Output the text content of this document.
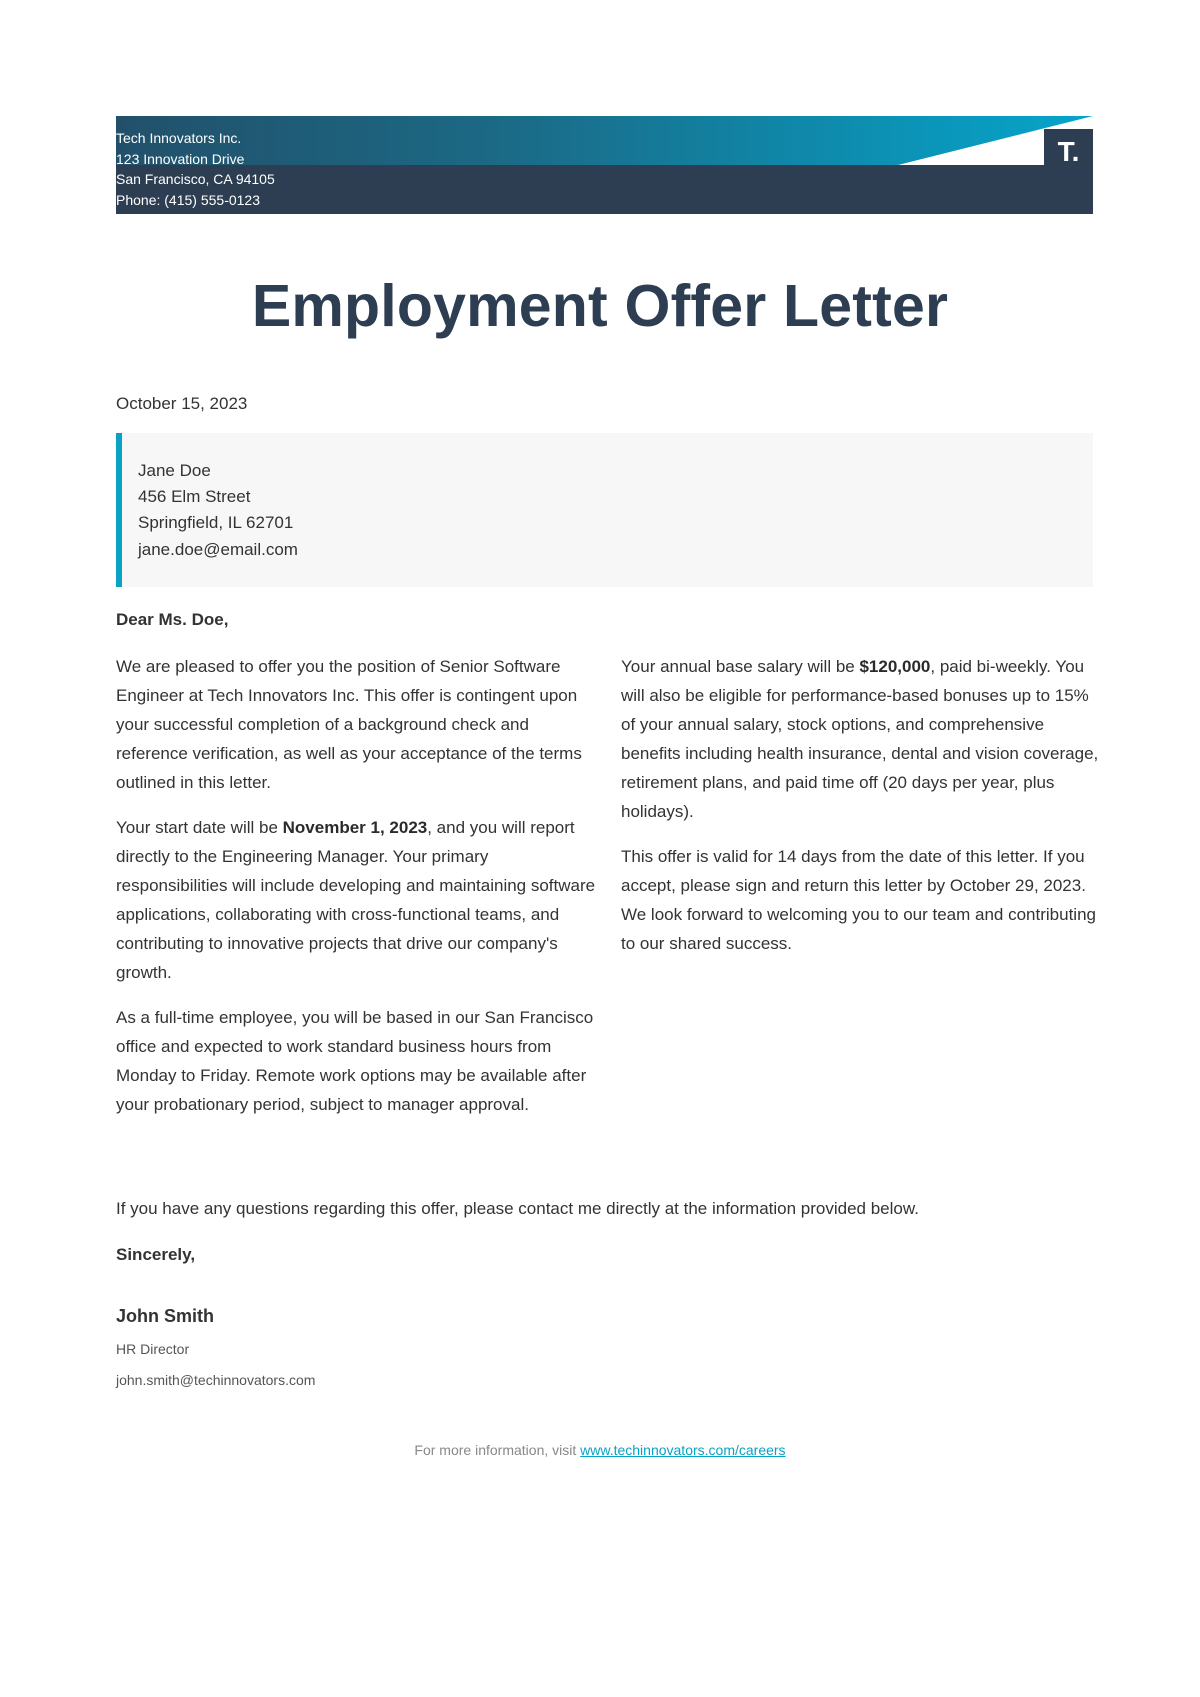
T.
Tech Innovators Inc.
123 Innovation Drive
San Francisco, CA 94105
Phone: (415) 555-0123
Employment Offer Letter
October 15, 2023
Jane Doe
456 Elm Street
Springfield, IL 62701
jane.doe@email.com
Dear Ms. Doe,

We are pleased to offer you the position of Senior Software Engineer at Tech Innovators Inc. This offer is contingent upon your successful completion of a background check and reference verification, as well as your acceptance of the terms outlined in this letter.

Your start date will be November 1, 2023, and you will report directly to the Engineering Manager. Your primary responsibilities will include developing and maintaining software applications, collaborating with cross-functional teams, and contributing to innovative projects that drive our company's growth.

As a full-time employee, you will be based in our San Francisco office and expected to work standard business hours from Monday to Friday. Remote work options may be available after your probationary period, subject to manager approval.

Your annual base salary will be $120,000, paid bi-weekly. You will also be eligible for performance-based bonuses up to 15% of your annual salary, stock options, and comprehensive benefits including health insurance, dental and vision coverage, retirement plans, and paid time off (20 days per year, plus holidays).

This offer is valid for 14 days from the date of this letter. If you accept, please sign and return this letter by October 29, 2023. We look forward to welcoming you to our team and contributing to our shared success.

If you have any questions regarding this offer, please contact me directly at the information provided below.
Sincerely,
John Smith
HR Director
john.smith@techinnovators.com
For more information, visit www.techinnovators.com/careers
